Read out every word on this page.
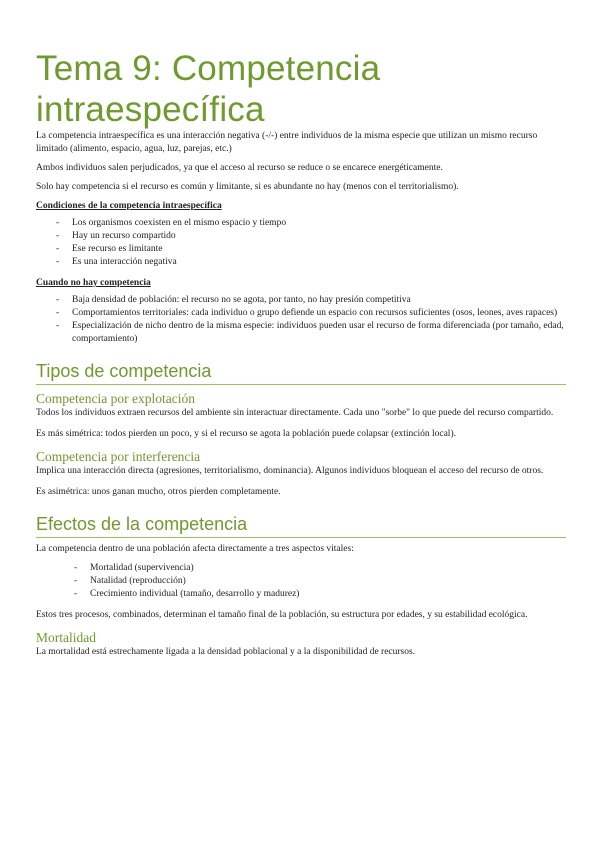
Tema 9: Competencia
intraespecífica

La competencia intraespecífica es una interacción negativa (-/-) entre individuos de la misma especie que utilizan un mismo recurso limitado (alimento, espacio, agua, luz, parejas, etc.)

Ambos individuos salen perjudicados, ya que el acceso al recurso se reduce o se encarece energéticamente.

Solo hay competencia si el recurso es común y limitante, si es abundante no hay (menos con el territorialismo).

Condiciones de la competencia intraespecífica
- Los organismos coexisten en el mismo espacio y tiempo
- Hay un recurso compartido
- Ese recurso es limitante
- Es una interacción negativa
Cuando no hay competencia
- Baja densidad de población: el recurso no se agota, por tanto, no hay presión competitiva
- Comportamientos territoriales: cada individuo o grupo defiende un espacio con recursos suficientes (osos, leones, aves rapaces)
- Especialización de nicho dentro de la misma especie: individuos pueden usar el recurso de forma diferenciada (por tamaño, edad, comportamiento)
Tipos de competencia
Competencia por explotación

Todos los individuos extraen recursos del ambiente sin interactuar directamente. Cada uno "sorbe" lo que puede del recurso compartido.

Es más simétrica: todos pierden un poco, y si el recurso se agota la población puede colapsar (extinción local).

Competencia por interferencia

Implica una interacción directa (agresiones, territorialismo, dominancia). Algunos individuos bloquean el acceso del recurso de otros.

Es asimétrica: unos ganan mucho, otros pierden completamente.

Efectos de la competencia

La competencia dentro de una población afecta directamente a tres aspectos vitales:

- Mortalidad (supervivencia)
- Natalidad (reproducción)
- Crecimiento individual (tamaño, desarrollo y madurez)

Estos tres procesos, combinados, determinan el tamaño final de la población, su estructura por edades, y su estabilidad ecológica.

Mortalidad

La mortalidad está estrechamente ligada a la densidad poblacional y a la disponibilidad de recursos.
